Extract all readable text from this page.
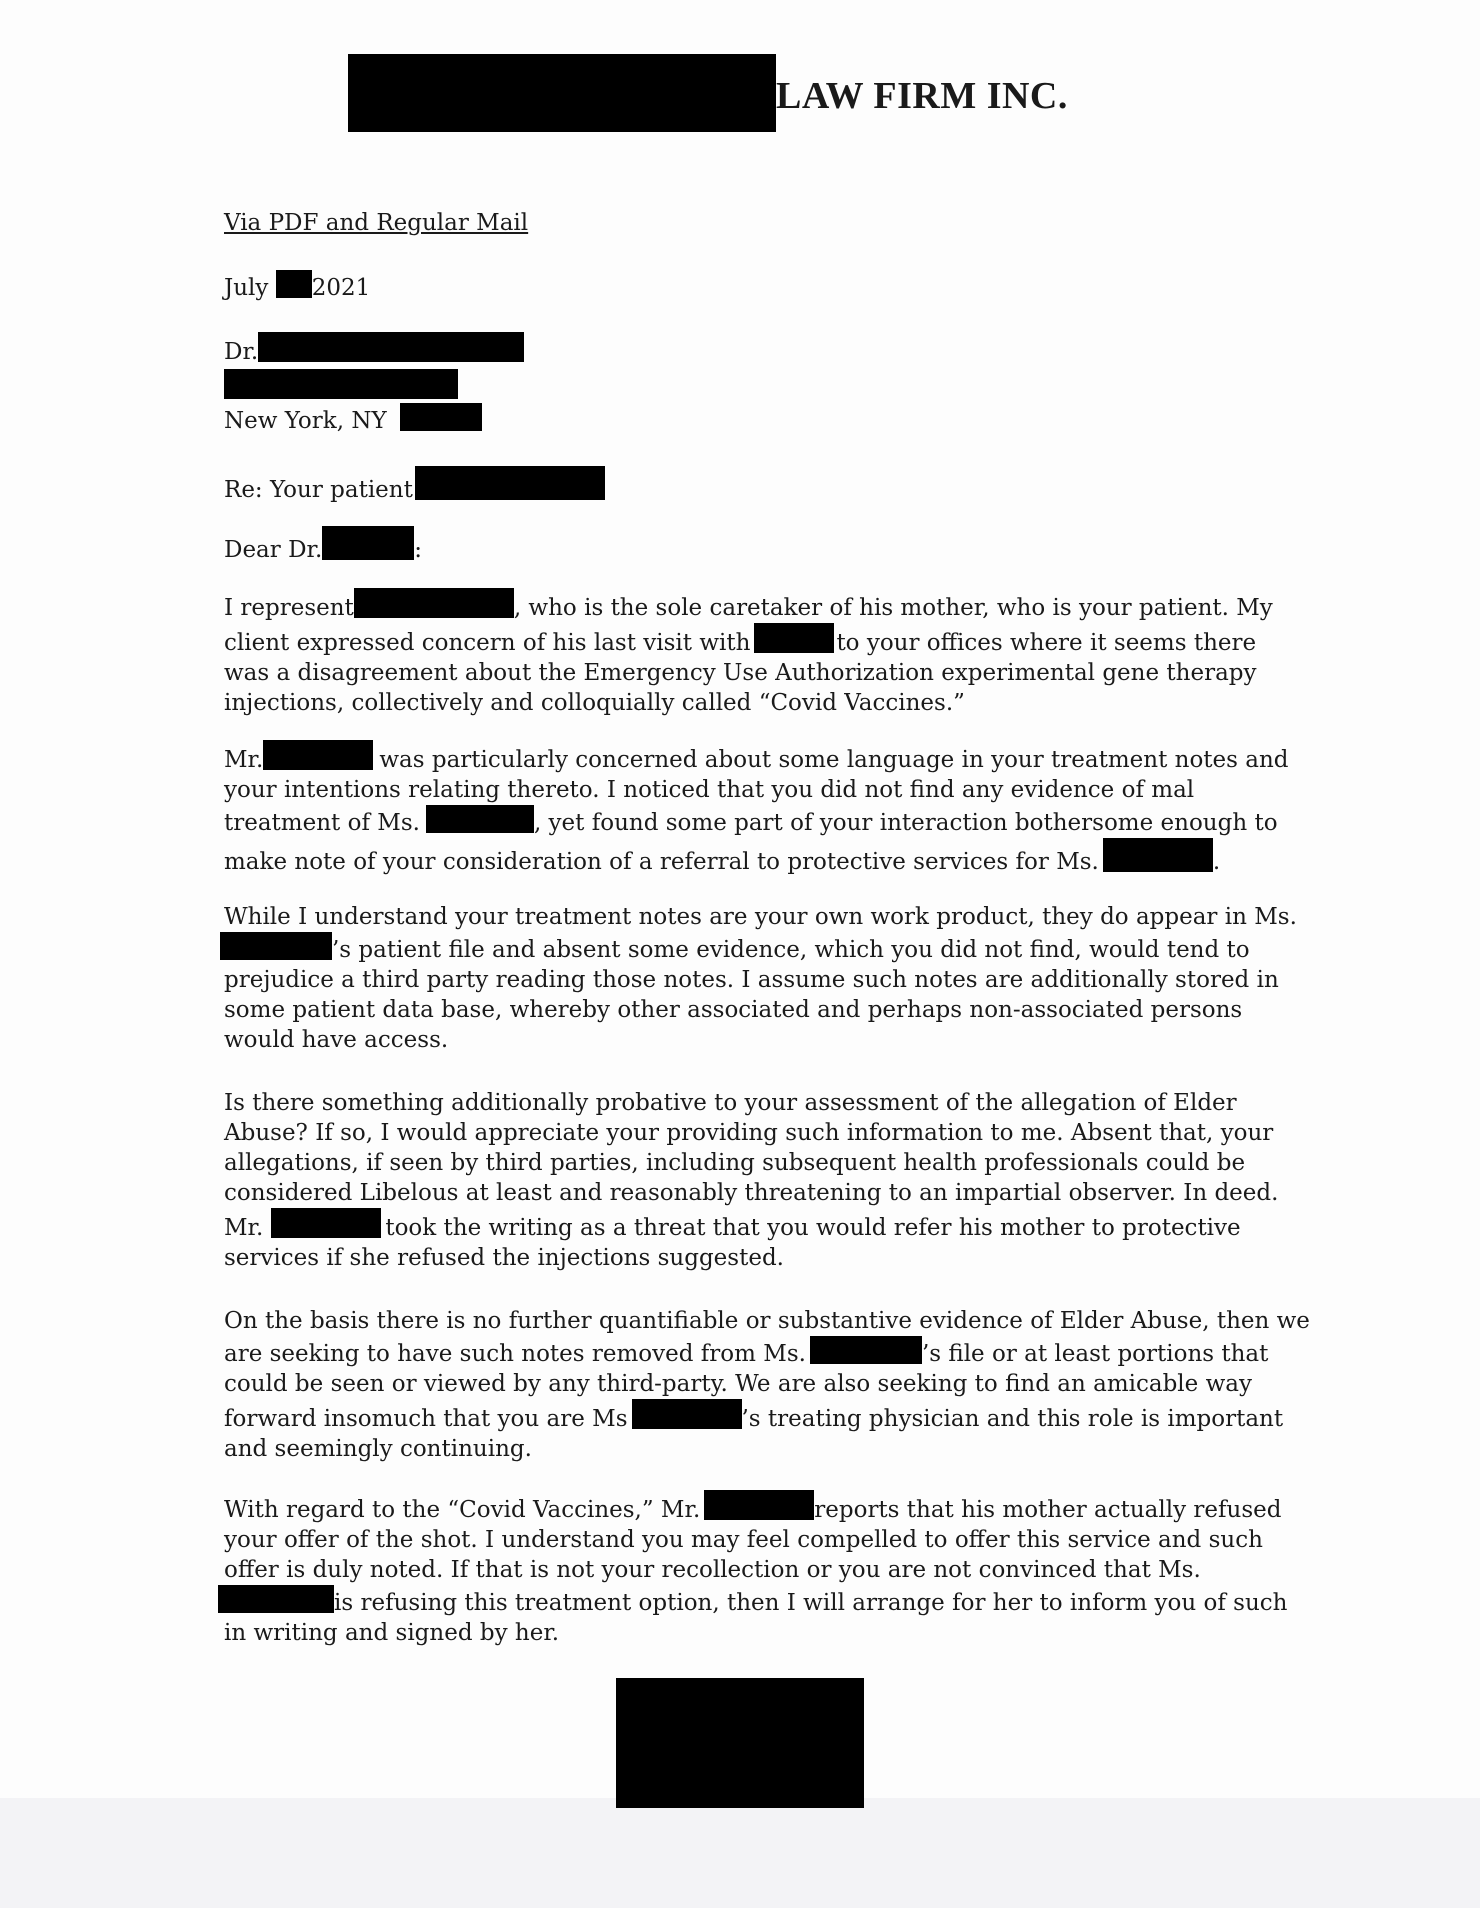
LAW FIRM INC.

Via PDF and Regular Mail

July 2021

Dr.

New York, NY

Re: Your patient

Dear Dr.	:

I represent	, who is the sole caretaker of his mother, who is your patient. My

client expressed concern of his last visit with	to your offices where it seems there

was a disagreement about the Emergency Use Authorization experimental gene therapy

injections, collectively and colloquially called “Covid Vaccines.”

Mr.	was particularly concerned about some language in your treatment notes and

your intentions relating thereto. I noticed that you did not find any evidence of mal

treatment of Ms.	, yet found some part of your interaction bothersome enough to

make note of your consideration of a referral to protective services for Ms.	.

While I understand your treatment notes are your own work product, they do appear in Ms.

’s patient file and absent some evidence, which you did not find, would tend to

prejudice a third party reading those notes. I assume such notes are additionally stored in

some patient data base, whereby other associated and perhaps non-associated persons

would have access.

Is there something additionally probative to your assessment of the allegation of Elder

Abuse? If so, I would appreciate your providing such information to me. Absent that, your

allegations, if seen by third parties, including subsequent health professionals could be

considered Libelous at least and reasonably threatening to an impartial observer. In deed.

Mr.	took the writing as a threat that you would refer his mother to protective

services if she refused the injections suggested.

On the basis there is no further quantifiable or substantive evidence of Elder Abuse, then we

are seeking to have such notes removed from Ms.	’s file or at least portions that

could be seen or viewed by any third-party. We are also seeking to find an amicable way

forward insomuch that you are Ms	’s treating physician and this role is important

and seemingly continuing.

With regard to the “Covid Vaccines,” Mr.	reports that his mother actually refused

your offer of the shot. I understand you may feel compelled to offer this service and such

offer is duly noted. If that is not your recollection or you are not convinced that Ms.

is refusing this treatment option, then I will arrange for her to inform you of such

in writing and signed by her.
